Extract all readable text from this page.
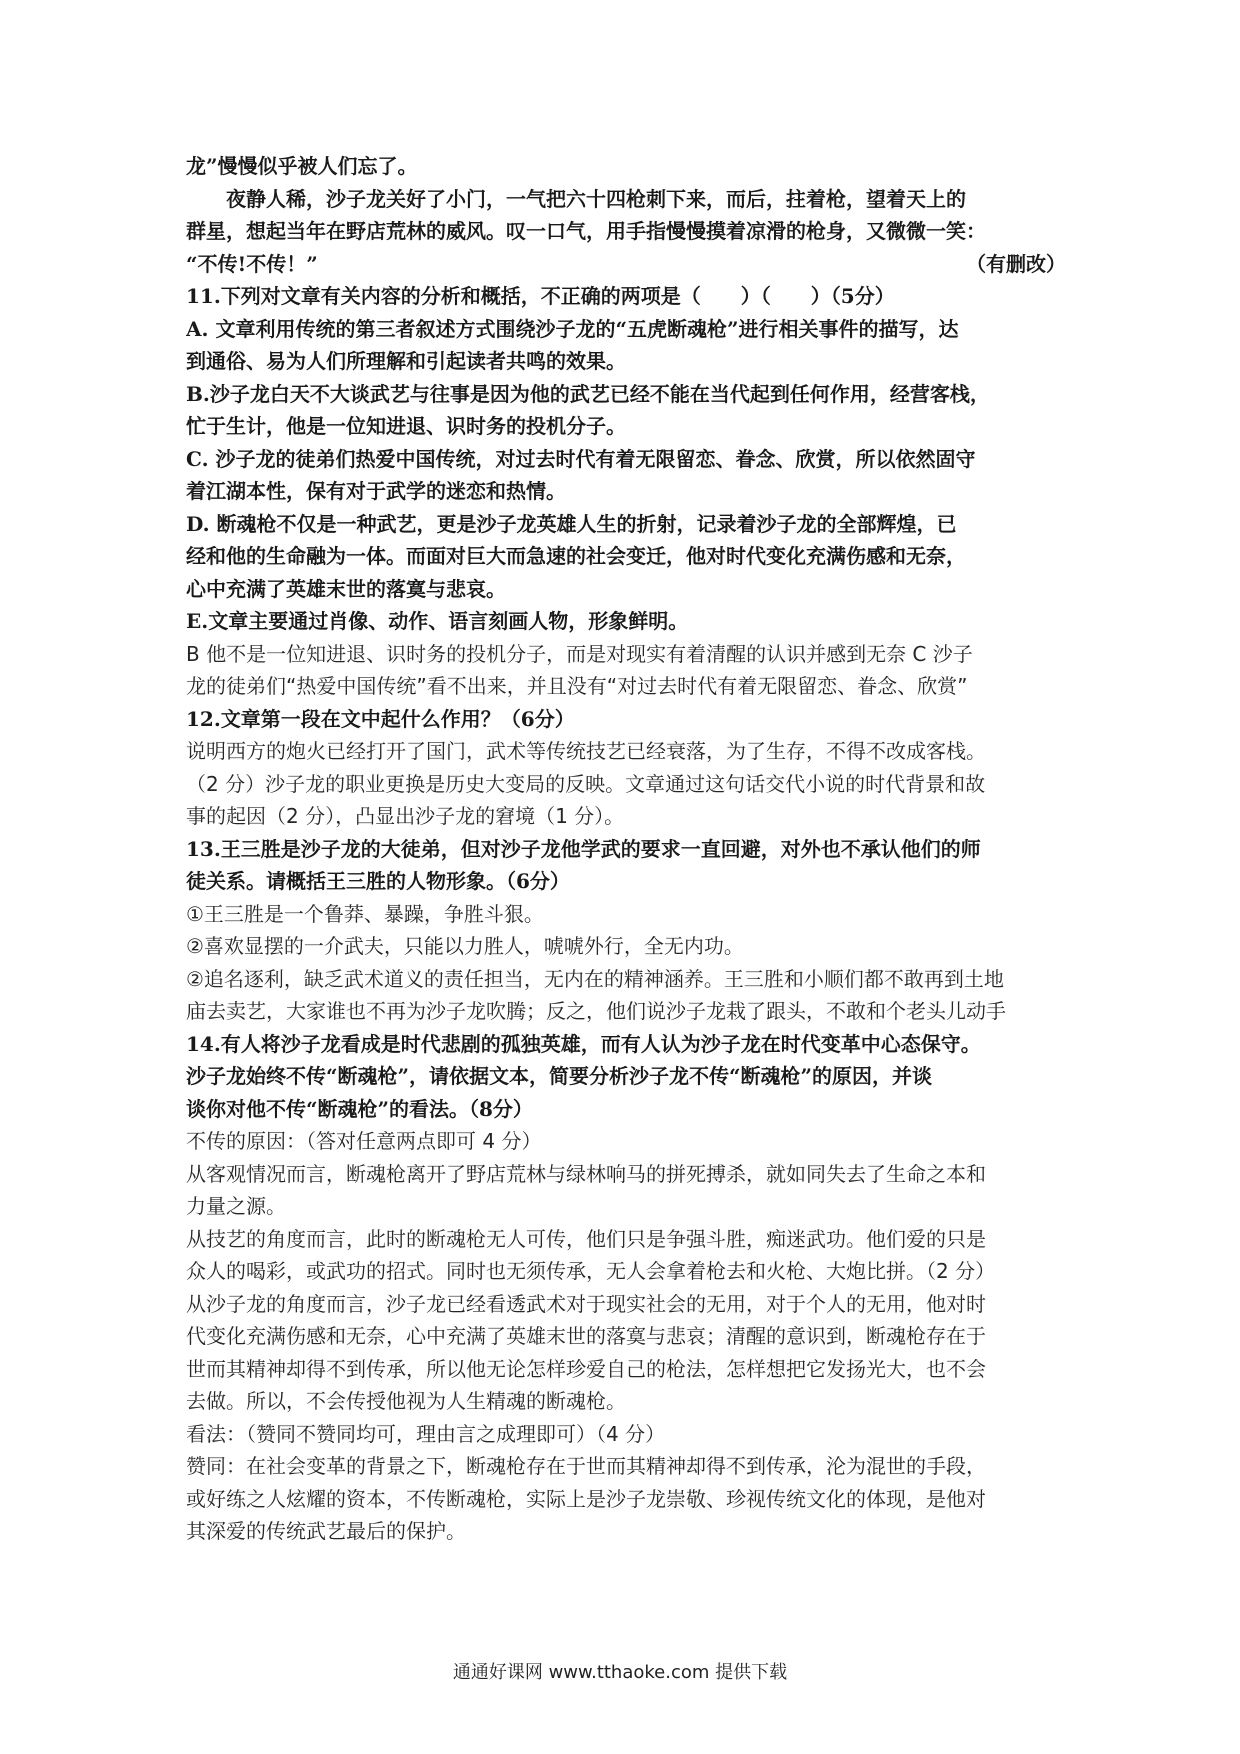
龙”慢慢似乎被人们忘了。
夜静人稀，沙子龙关好了小门，一气把六十四枪刺下来，而后，拄着枪，望着天上的
群星，想起当年在野店荒林的威风。叹一口气，用手指慢慢摸着凉滑的枪身，又微微一笑：
“不传!不传！”	（有删改）
11.下列对文章有关内容的分析和概括，不正确的两项是（　　）（　　）（5分）
A. 文章利用传统的第三者叙述方式围绕沙子龙的“五虎断魂枪”进行相关事件的描写，达
到通俗、易为人们所理解和引起读者共鸣的效果。
B.沙子龙白天不大谈武艺与往事是因为他的武艺已经不能在当代起到任何作用，经营客栈，
忙于生计，他是一位知进退、识时务的投机分子。
C. 沙子龙的徒弟们热爱中国传统，对过去时代有着无限留恋、眷念、欣赏，所以依然固守
着江湖本性，保有对于武学的迷恋和热情。
D. 断魂枪不仅是一种武艺，更是沙子龙英雄人生的折射，记录着沙子龙的全部辉煌，已
经和他的生命融为一体。而面对巨大而急速的社会变迁，他对时代变化充满伤感和无奈，
心中充满了英雄末世的落寞与悲哀。
E.文章主要通过肖像、动作、语言刻画人物，形象鲜明。
B 他不是一位知进退、识时务的投机分子，而是对现实有着清醒的认识并感到无奈 C 沙子
龙的徒弟们“热爱中国传统”看不出来，并且没有“对过去时代有着无限留恋、眷念、欣赏”
12.文章第一段在文中起什么作用？（6分）
说明西方的炮火已经打开了国门，武术等传统技艺已经衰落，为了生存，不得不改成客栈。
（2 分）沙子龙的职业更换是历史大变局的反映。文章通过这句话交代小说的时代背景和故
事的起因（2 分），凸显出沙子龙的窘境（1 分）。
13.王三胜是沙子龙的大徒弟，但对沙子龙他学武的要求一直回避，对外也不承认他们的师
徒关系。请概括王三胜的人物形象。（6分）
①王三胜是一个鲁莽、暴躁，争胜斗狠。
②喜欢显摆的一介武夫，只能以力胜人，唬唬外行，全无内功。
②追名逐利，缺乏武术道义的责任担当，无内在的精神涵养。王三胜和小顺们都不敢再到土地
庙去卖艺，大家谁也不再为沙子龙吹腾；反之，他们说沙子龙栽了跟头，不敢和个老头儿动手
14.有人将沙子龙看成是时代悲剧的孤独英雄，而有人认为沙子龙在时代变革中心态保守。
沙子龙始终不传“断魂枪”，请依据文本，简要分析沙子龙不传“断魂枪”的原因，并谈
谈你对他不传“断魂枪”的看法。（8分）
不传的原因：（答对任意两点即可 4 分）
从客观情况而言，断魂枪离开了野店荒林与绿林响马的拼死搏杀，就如同失去了生命之本和
力量之源。
从技艺的角度而言，此时的断魂枪无人可传，他们只是争强斗胜，痴迷武功。他们爱的只是
众人的喝彩，或武功的招式。同时也无须传承，无人会拿着枪去和火枪、大炮比拼。（2 分）
从沙子龙的角度而言，沙子龙已经看透武术对于现实社会的无用，对于个人的无用，他对时
代变化充满伤感和无奈，心中充满了英雄末世的落寞与悲哀；清醒的意识到，断魂枪存在于
世而其精神却得不到传承，所以他无论怎样珍爱自己的枪法，怎样想把它发扬光大，也不会
去做。所以，不会传授他视为人生精魂的断魂枪。
看法：（赞同不赞同均可，理由言之成理即可）（4 分）
赞同：在社会变革的背景之下，断魂枪存在于世而其精神却得不到传承，沦为混世的手段，
或好练之人炫耀的资本，不传断魂枪，实际上是沙子龙崇敬、珍视传统文化的体现，是他对
其深爱的传统武艺最后的保护。
通通好课网 www.tthaoke.com 提供下载
